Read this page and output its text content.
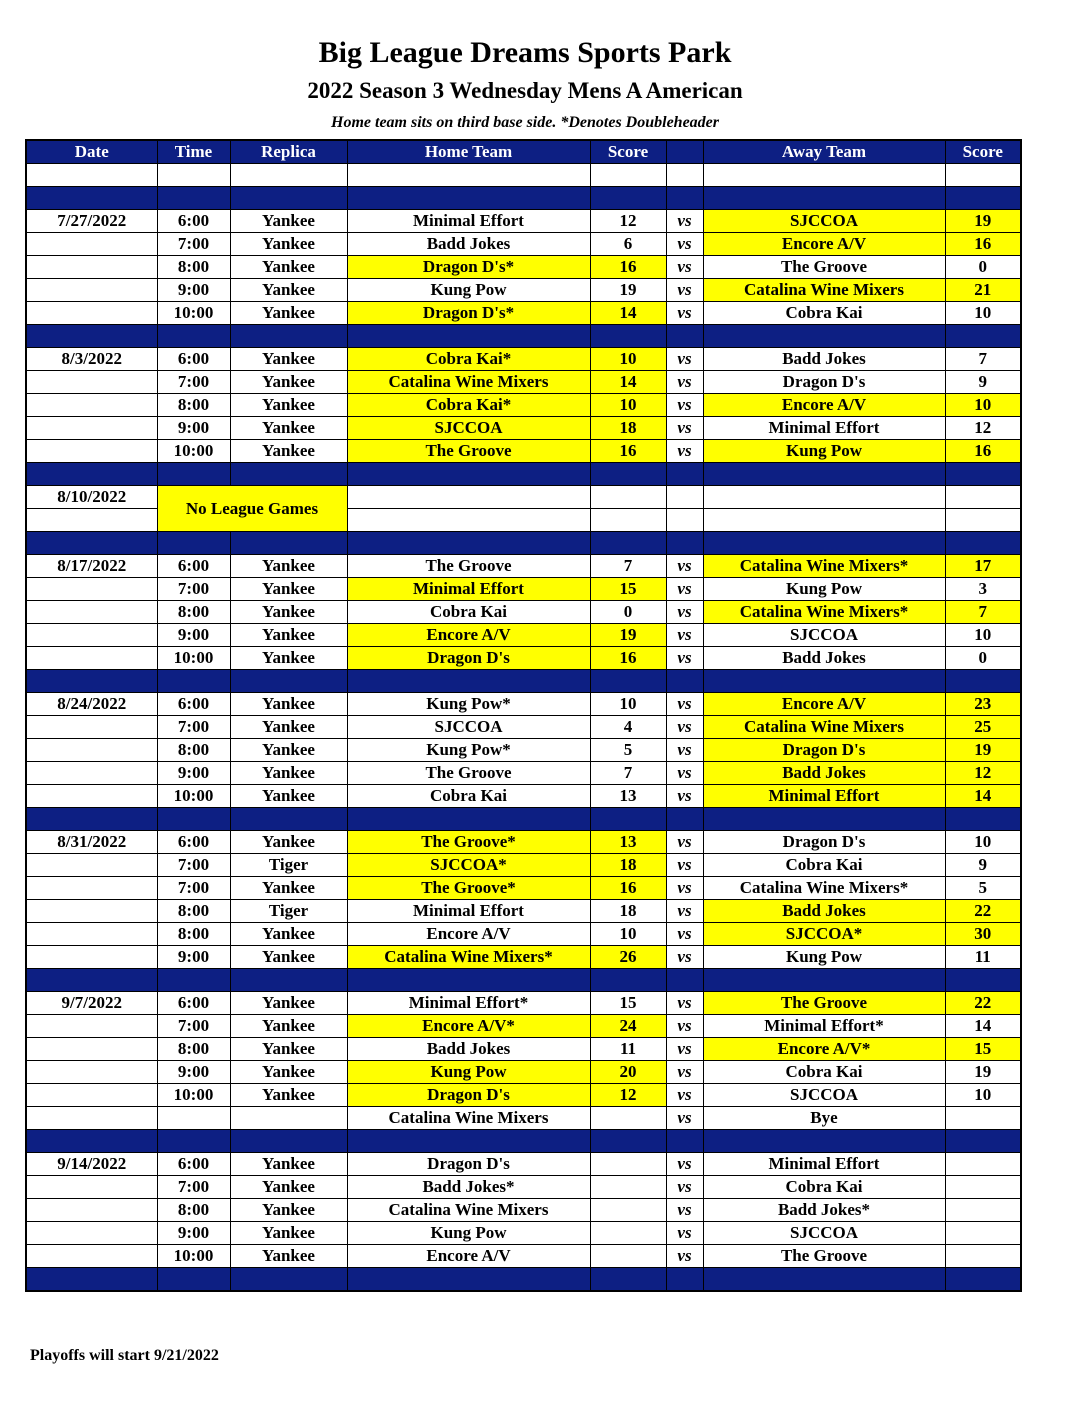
Big League Dreams Sports Park
2022 Season 3 Wednesday Mens A American
Home team sits on third base side. *Denotes Doubleheader
Date	Time	Replica	Home Team	Score		Away Team	Score

7/27/2022	6:00	Yankee	Minimal Effort	12	vs	SJCCOA	19
	7:00	Yankee	Badd Jokes	6	vs	Encore A/V	16
	8:00	Yankee	Dragon D's*	16	vs	The Groove	0
	9:00	Yankee	Kung Pow	19	vs	Catalina Wine Mixers	21
	10:00	Yankee	Dragon D's*	14	vs	Cobra Kai	10

8/3/2022	6:00	Yankee	Cobra Kai*	10	vs	Badd Jokes	7
	7:00	Yankee	Catalina Wine Mixers	14	vs	Dragon D's	9
	8:00	Yankee	Cobra Kai*	10	vs	Encore A/V	10
	9:00	Yankee	SJCCOA	18	vs	Minimal Effort	12
	10:00	Yankee	The Groove	16	vs	Kung Pow	16

8/10/2022	No League Games						

8/17/2022	6:00	Yankee	The Groove	7	vs	Catalina Wine Mixers*	17
	7:00	Yankee	Minimal Effort	15	vs	Kung Pow	3
	8:00	Yankee	Cobra Kai	0	vs	Catalina Wine Mixers*	7
	9:00	Yankee	Encore A/V	19	vs	SJCCOA	10
	10:00	Yankee	Dragon D's	16	vs	Badd Jokes	0

8/24/2022	6:00	Yankee	Kung Pow*	10	vs	Encore A/V	23
	7:00	Yankee	SJCCOA	4	vs	Catalina Wine Mixers	25
	8:00	Yankee	Kung Pow*	5	vs	Dragon D's	19
	9:00	Yankee	The Groove	7	vs	Badd Jokes	12
	10:00	Yankee	Cobra Kai	13	vs	Minimal Effort	14

8/31/2022	6:00	Yankee	The Groove*	13	vs	Dragon D's	10
	7:00	Tiger	SJCCOA*	18	vs	Cobra Kai	9
	7:00	Yankee	The Groove*	16	vs	Catalina Wine Mixers*	5
	8:00	Tiger	Minimal Effort	18	vs	Badd Jokes	22
	8:00	Yankee	Encore A/V	10	vs	SJCCOA*	30
	9:00	Yankee	Catalina Wine Mixers*	26	vs	Kung Pow	11

9/7/2022	6:00	Yankee	Minimal Effort*	15	vs	The Groove	22
	7:00	Yankee	Encore A/V*	24	vs	Minimal Effort*	14
	8:00	Yankee	Badd Jokes	11	vs	Encore A/V*	15
	9:00	Yankee	Kung Pow	20	vs	Cobra Kai	19
	10:00	Yankee	Dragon D's	12	vs	SJCCOA	10
			Catalina Wine Mixers		vs	Bye	

9/14/2022	6:00	Yankee	Dragon D's		vs	Minimal Effort	
	7:00	Yankee	Badd Jokes*		vs	Cobra Kai	
	8:00	Yankee	Catalina Wine Mixers		vs	Badd Jokes*	
	9:00	Yankee	Kung Pow		vs	SJCCOA	
	10:00	Yankee	Encore A/V		vs	The Groove	

Playoffs will start 9/21/2022
